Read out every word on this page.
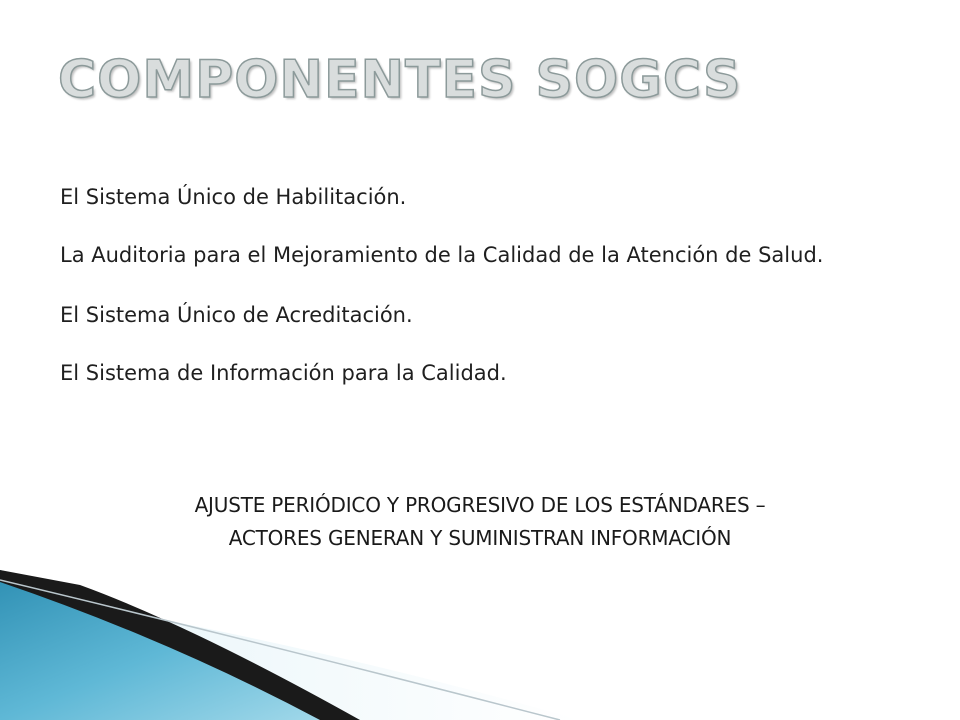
COMPONENTES SOGCS
El Sistema Único de Habilitación.
La Auditoria para el Mejoramiento de la Calidad de la Atención de Salud.
El Sistema Único de Acreditación.
El Sistema de Información para la Calidad.
AJUSTE PERIÓDICO Y PROGRESIVO DE LOS ESTÁNDARES –
ACTORES GENERAN Y SUMINISTRAN INFORMACIÓN
